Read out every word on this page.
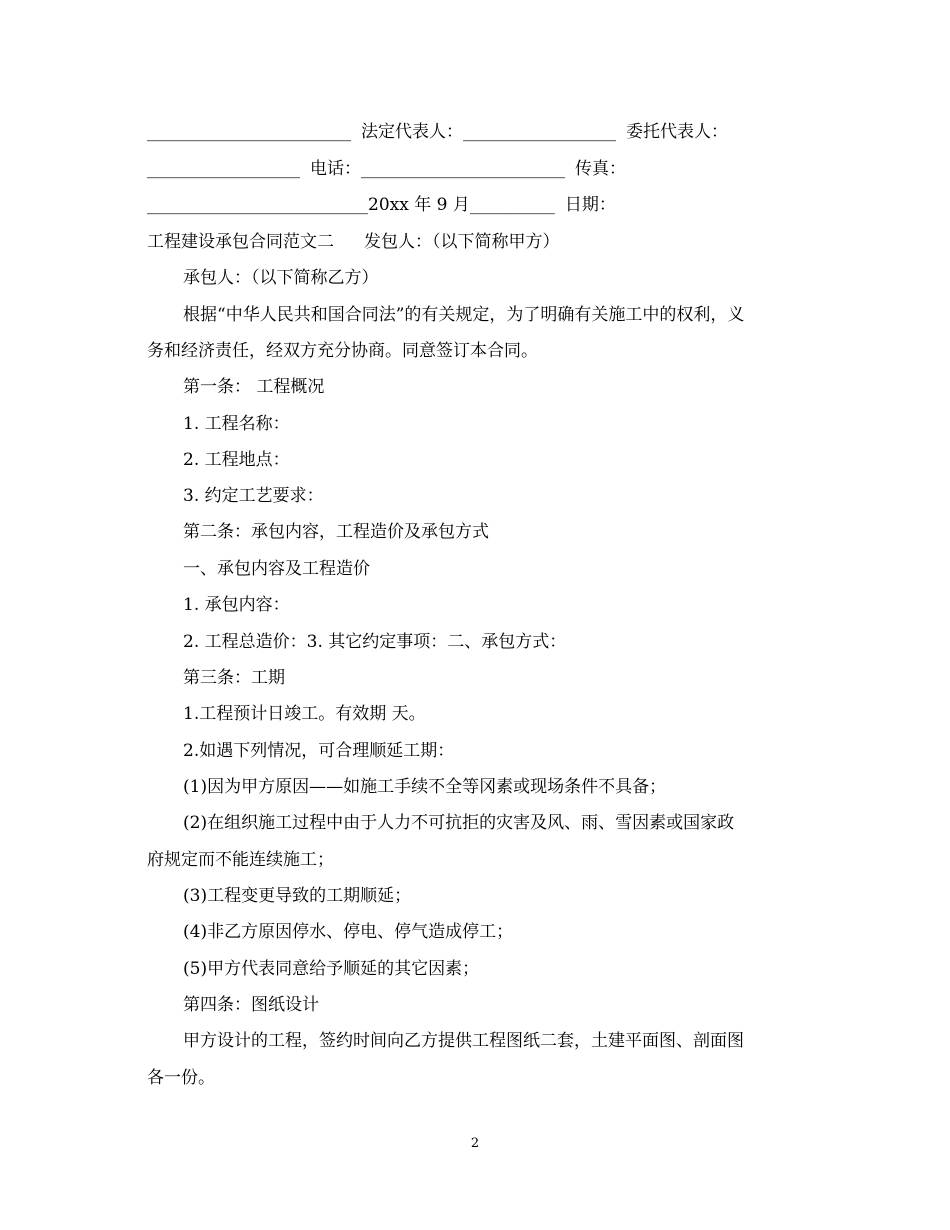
________________________ 法定代表人：__________________ 委托代表人：
__________________ 电话：________________________ 传真：
__________________________20xx 年 9 月__________ 日期：
工程建设承包合同范文二 发包人：（以下简称甲方）
承包人：（以下简称乙方）
根据“中华人民共和国合同法”的有关规定，为了明确有关施工中的权利，义
务和经济责任，经双方充分协商。同意签订本合同。
第一条： 工程概况
1. 工程名称：
2. 工程地点：
3. 约定工艺要求：
第二条：承包内容，工程造价及承包方式
一、承包内容及工程造价
1. 承包内容：
2. 工程总造价：3. 其它约定事项：二、承包方式：
第三条：工期
1.工程预计日竣工。有效期 天。
2.如遇下列情况，可合理顺延工期：
(1)因为甲方原因——如施工手续不全等冈素或现场条件不具备；
(2)在组织施工过程中由于人力不可抗拒的灾害及风、雨、雪因素或国家政
府规定而不能连续施工；
(3)工程变更导致的工期顺延；
(4)非乙方原因停水、停电、停气造成停工；
(5)甲方代表同意给予顺延的其它因素；
第四条：图纸设计
甲方设计的工程，签约时间向乙方提供工程图纸二套，土建平面图、剖面图
各一份。
2
